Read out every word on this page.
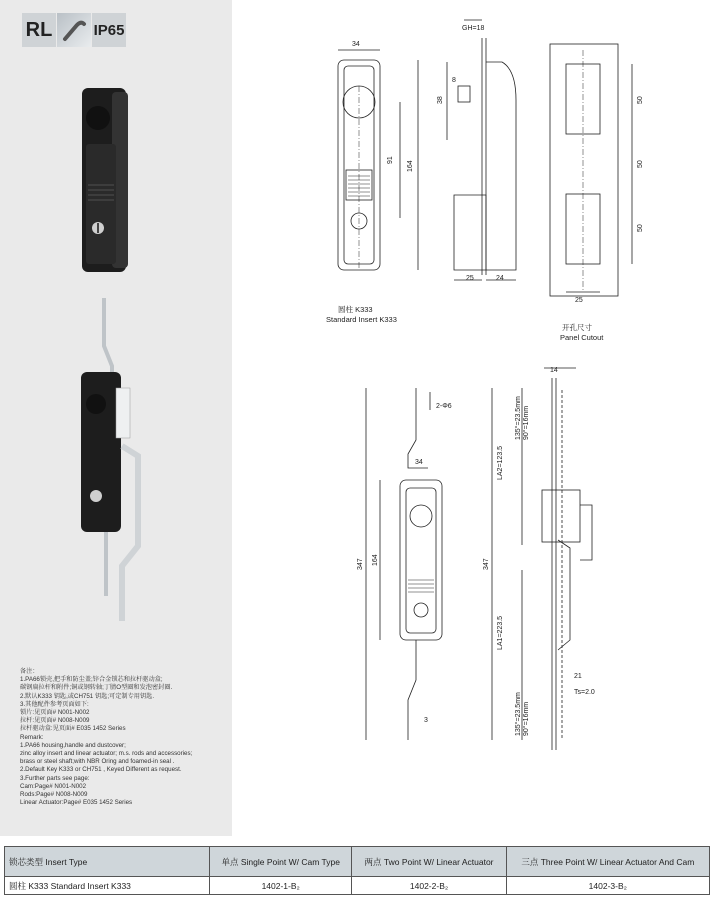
RL	IP65
备注：
1.PA66锁壳,把手和防尘盖;锌合金锁芯和拉杆驱动盒;
碳钢扁拉杆和附件;铜或钢转轴;丁腈O型圈和发泡密封圈.
2.默认K333 钥匙,或CH751 钥匙;可定制专用钥匙.
3.其他配件参考页面如下:
锁片:见页面# N001-N002
拉杆:见页面# N008-N009
拉杆驱动盒:见页面# E035 1452 Series
Remark:
1.PA66 housing,handle and dustcover;
zinc alloy insert and linear actuator; m.s. rods and accessories;
brass or steel shaft;with NBR Oring and foamed-in seal .
2.Default Key K333 or CH751 , Keyed Different as request.
3.Further parts see page:
Cam:Page# N001-N002
Rods:Page# N008-N009
Linear Actuator:Page# E035 1452 Series
34
91
164
GH=18
38
8
25	24
50
50
50
25
2-Φ6
34
347 164
3
14
LA2=123.5
135°=23.5mm 90°=16mm
347
LA1=223.5
135°=23.5mm 90°=16mm
21
Ts=2.0
圆柱 K333
Standard Insert K333
开孔尺寸
Panel Cutout
锁芯类型 Insert Type	单点 Single Point W/ Cam Type	两点 Two Point W/ Linear Actuator	三点 Three Point W/ Linear Actuator And Cam
圆柱 K333 Standard Insert K333	1402-1-B₂	1402-2-B₂	1402-3-B₂
